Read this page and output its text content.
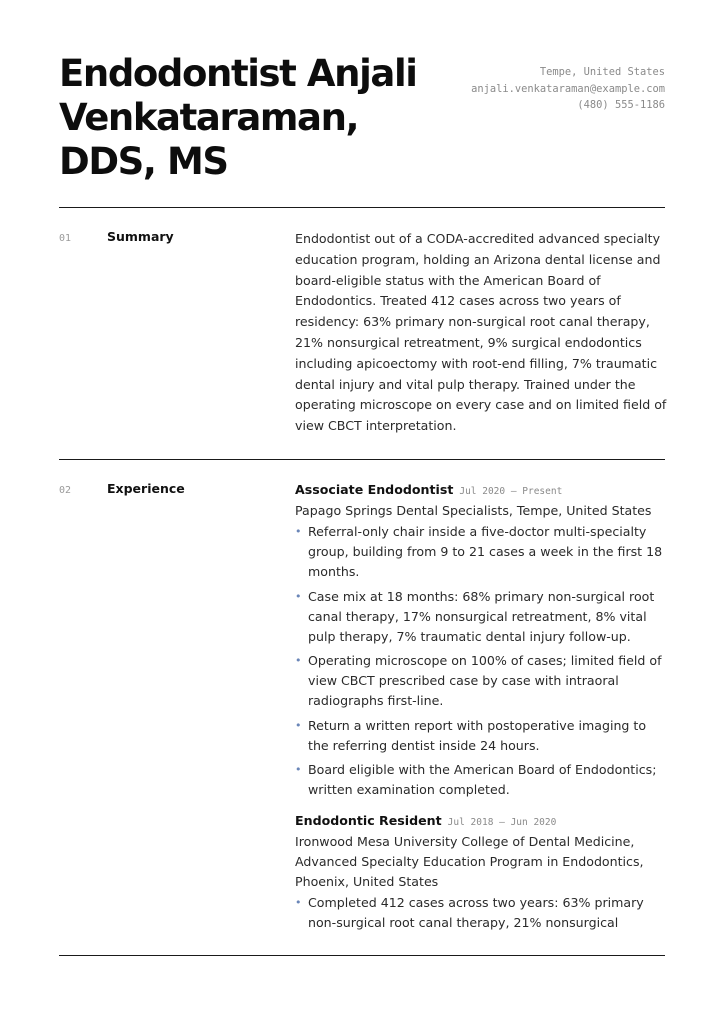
Endodontist Anjali Venkataraman, DDS, MS
Tempe, United States
anjali.venkataraman@example.com
(480) 555-1186
01	Summary	Endodontist out of a CODA-accredited advanced specialty education program, holding an Arizona dental license and board-eligible status with the American Board of Endodontics. Treated 412 cases across two years of residency: 63% primary non-surgical root canal therapy, 21% nonsurgical retreatment, 9% surgical endodontics including apicoectomy with root-end filling, 7% traumatic dental injury and vital pulp therapy. Trained under the operating microscope on every case and on limited field of view CBCT interpretation.
02	Experience	Associate Endodontist Jul 2020 — Present
Papago Springs Dental Specialists, Tempe, United States
• Referral-only chair inside a five-doctor multi-specialty group, building from 9 to 21 cases a week in the first 18 months.
• Case mix at 18 months: 68% primary non-surgical root canal therapy, 17% nonsurgical retreatment, 8% vital pulp therapy, 7% traumatic dental injury follow-up.
• Operating microscope on 100% of cases; limited field of view CBCT prescribed case by case with intraoral radiographs first-line.
• Return a written report with postoperative imaging to the referring dentist inside 24 hours.
• Board eligible with the American Board of Endodontics; written examination completed.
Endodontic Resident Jul 2018 — Jun 2020
Ironwood Mesa University College of Dental Medicine, Advanced Specialty Education Program in Endodontics, Phoenix, United States
• Completed 412 cases across two years: 63% primary non-surgical root canal therapy, 21% nonsurgical
